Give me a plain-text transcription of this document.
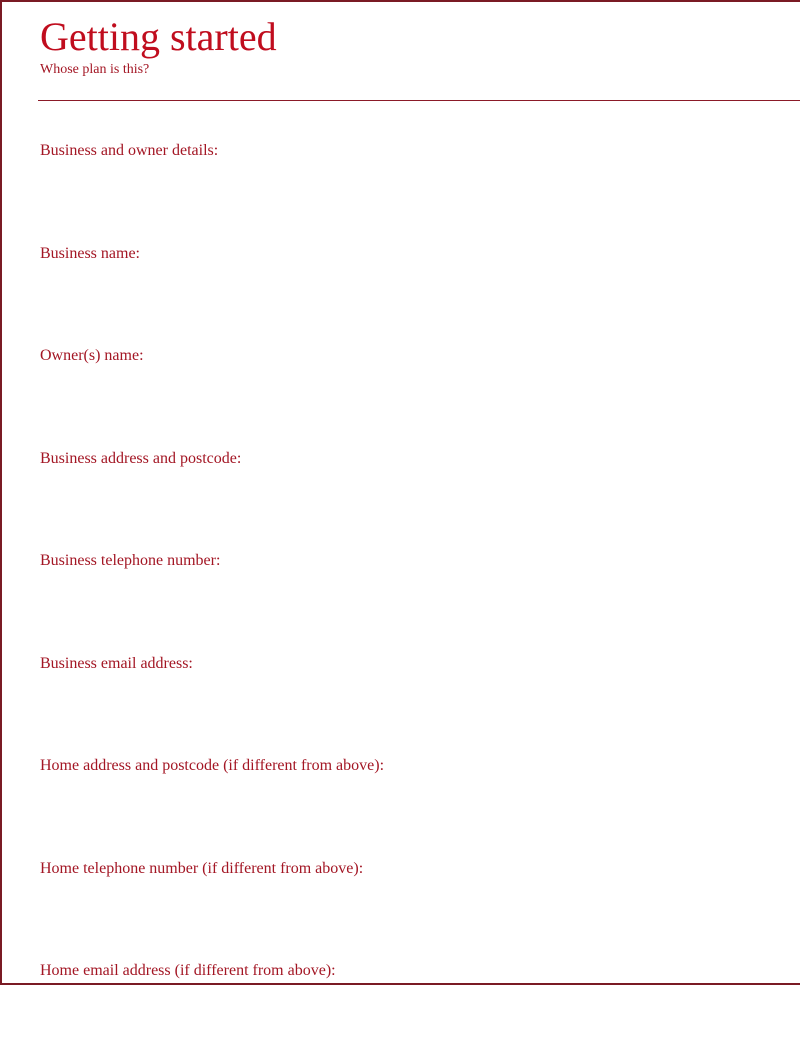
Getting started

Whose plan is this?

Business and owner details:
Business name:
Owner(s) name:
Business address and postcode:
Business telephone number:
Business email address:
Home address and postcode (if different from above):
Home telephone number (if different from above):
Home email address (if different from above):
